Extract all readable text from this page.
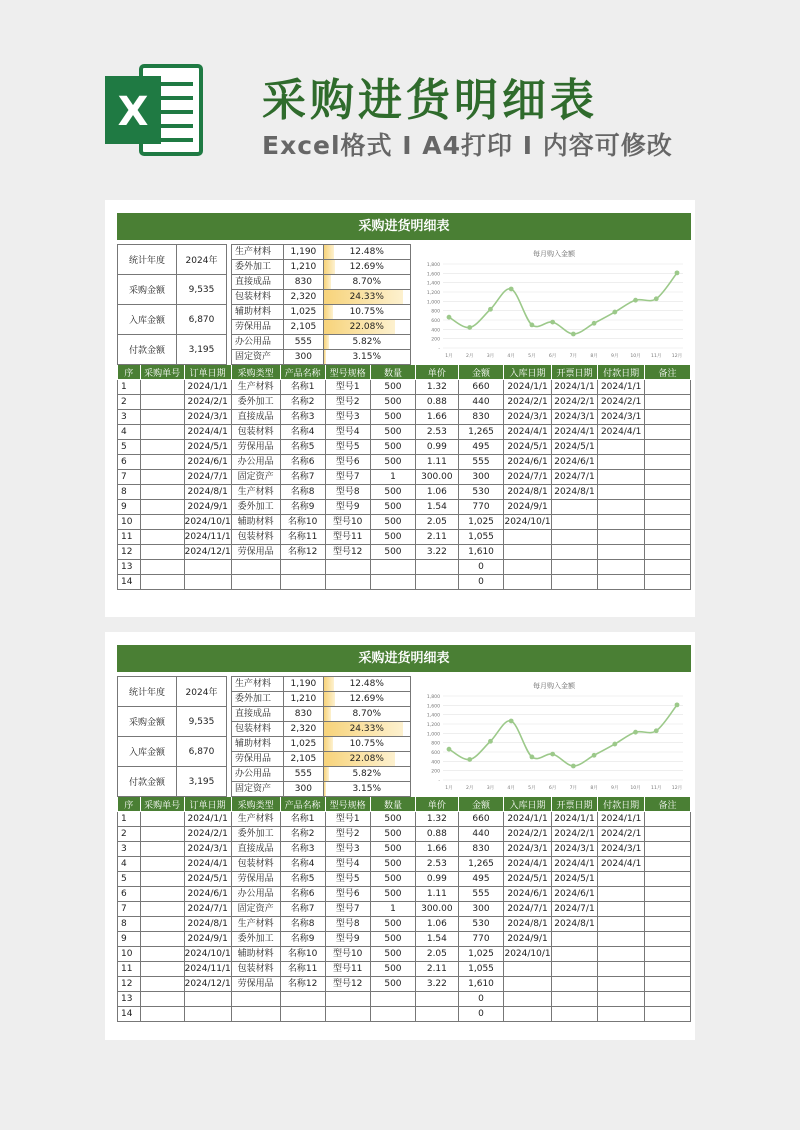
X	采购进货明细表
Excel格式 I A4打印 I 内容可修改
采购进货明细表
统计年度	2024年
采购金额	9,535
入库金额	6,870
付款金额	3,195
生产材料	1,190	12.48%
委外加工	1,210	12.69%
直接成品	830	8.70%
包装材料	2,320	24.33%
辅助材料	1,025	10.75%
劳保用品	2,105	22.08%
办公用品	555	5.82%
固定资产	300	3.15%
每月购入金额
-
200
400
600
800
1,000
1,200
1,400
1,600
1,800
1月	2月	3月	4月	5月	6月	7月	8月	9月	10月 11月 12月
序	采购单号	订单日期	采购类型	产品名称	型号规格	数量	单价	金额	入库日期	开票日期	付款日期	备注
1		2024/1/1	生产材料	名称1	型号1	500	1.32	660	2024/1/1	2024/1/1	2024/1/1	
2		2024/2/1	委外加工	名称2	型号2	500	0.88	440	2024/2/1	2024/2/1	2024/2/1	
3		2024/3/1	直接成品	名称3	型号3	500	1.66	830	2024/3/1	2024/3/1	2024/3/1	
4		2024/4/1	包装材料	名称4	型号4	500	2.53	1,265	2024/4/1	2024/4/1	2024/4/1	
5		2024/5/1	劳保用品	名称5	型号5	500	0.99	495	2024/5/1	2024/5/1		
6		2024/6/1	办公用品	名称6	型号6	500	1.11	555	2024/6/1	2024/6/1		
7		2024/7/1	固定资产	名称7	型号7	1	300.00	300	2024/7/1	2024/7/1		
8		2024/8/1	生产材料	名称8	型号8	500	1.06	530	2024/8/1	2024/8/1		
9		2024/9/1	委外加工	名称9	型号9	500	1.54	770	2024/9/1			
10		2024/10/1	辅助材料	名称10	型号10	500	2.05	1,025	2024/10/1			
11		2024/11/1	包装材料	名称11	型号11	500	2.11	1,055				
12		2024/12/1	劳保用品	名称12	型号12	500	3.22	1,610				
13								0				
14								0				
采购进货明细表
统计年度	2024年
采购金额	9,535
入库金额	6,870
付款金额	3,195
生产材料	1,190	12.48%
委外加工	1,210	12.69%
直接成品	830	8.70%
包装材料	2,320	24.33%
辅助材料	1,025	10.75%
劳保用品	2,105	22.08%
办公用品	555	5.82%
固定资产	300	3.15%
每月购入金额
-
200
400
600
800
1,000
1,200
1,400
1,600
1,800
1月	2月	3月	4月	5月	6月	7月	8月	9月	10月 11月 12月
序	采购单号	订单日期	采购类型	产品名称	型号规格	数量	单价	金额	入库日期	开票日期	付款日期	备注
1		2024/1/1	生产材料	名称1	型号1	500	1.32	660	2024/1/1	2024/1/1	2024/1/1	
2		2024/2/1	委外加工	名称2	型号2	500	0.88	440	2024/2/1	2024/2/1	2024/2/1	
3		2024/3/1	直接成品	名称3	型号3	500	1.66	830	2024/3/1	2024/3/1	2024/3/1	
4		2024/4/1	包装材料	名称4	型号4	500	2.53	1,265	2024/4/1	2024/4/1	2024/4/1	
5		2024/5/1	劳保用品	名称5	型号5	500	0.99	495	2024/5/1	2024/5/1		
6		2024/6/1	办公用品	名称6	型号6	500	1.11	555	2024/6/1	2024/6/1		
7		2024/7/1	固定资产	名称7	型号7	1	300.00	300	2024/7/1	2024/7/1		
8		2024/8/1	生产材料	名称8	型号8	500	1.06	530	2024/8/1	2024/8/1		
9		2024/9/1	委外加工	名称9	型号9	500	1.54	770	2024/9/1			
10		2024/10/1	辅助材料	名称10	型号10	500	2.05	1,025	2024/10/1			
11		2024/11/1	包装材料	名称11	型号11	500	2.11	1,055				
12		2024/12/1	劳保用品	名称12	型号12	500	3.22	1,610				
13								0				
14								0				
